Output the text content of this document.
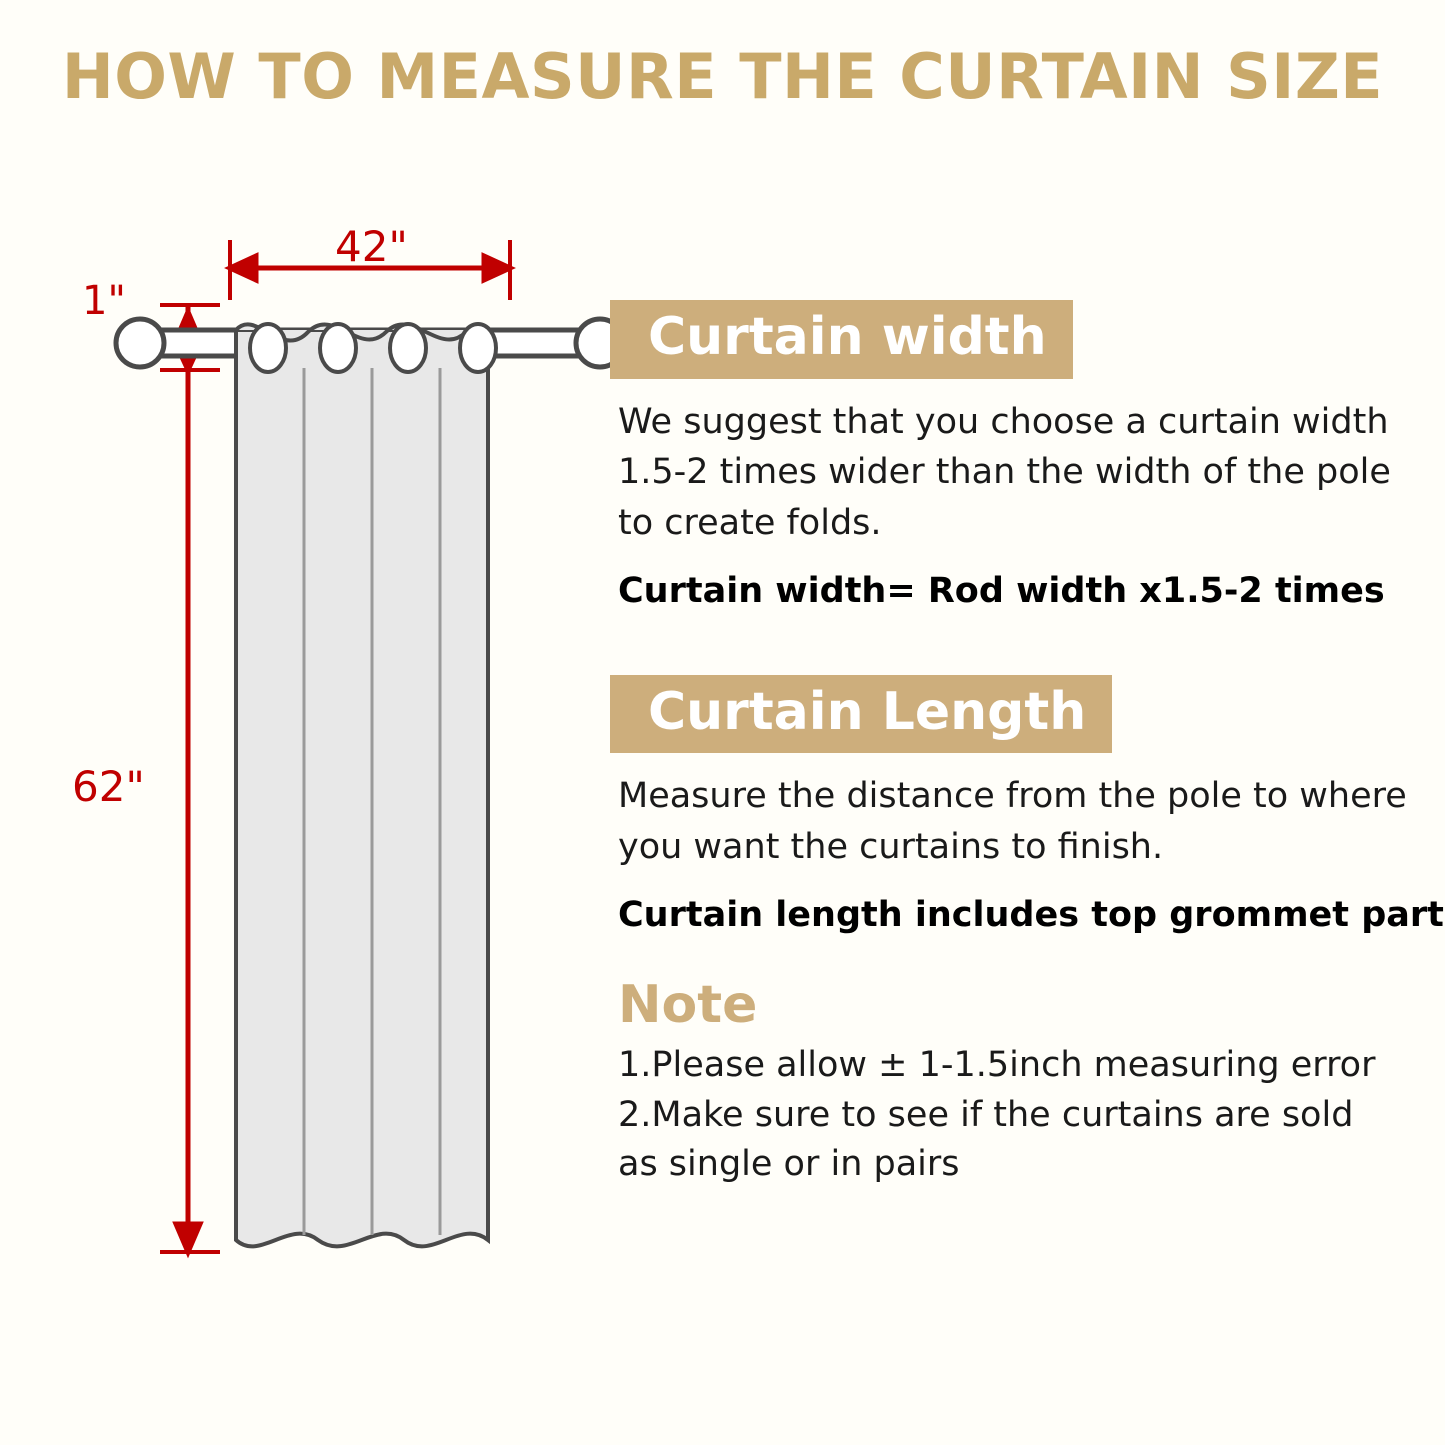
HOW TO MEASURE THE CURTAIN SIZE
42"
1"
62"
Curtain width
We suggest that you choose a curtain width 1.5-2 times wider than the width of the pole to create folds.
Curtain width= Rod width x1.5-2 times
Curtain Length
Measure the distance from the pole to where you want the curtains to finish.
Curtain length includes top grommet part
Note
1.Please allow ± 1-1.5inch measuring error
2.Make sure to see if the curtains are sold
as single or in pairs
